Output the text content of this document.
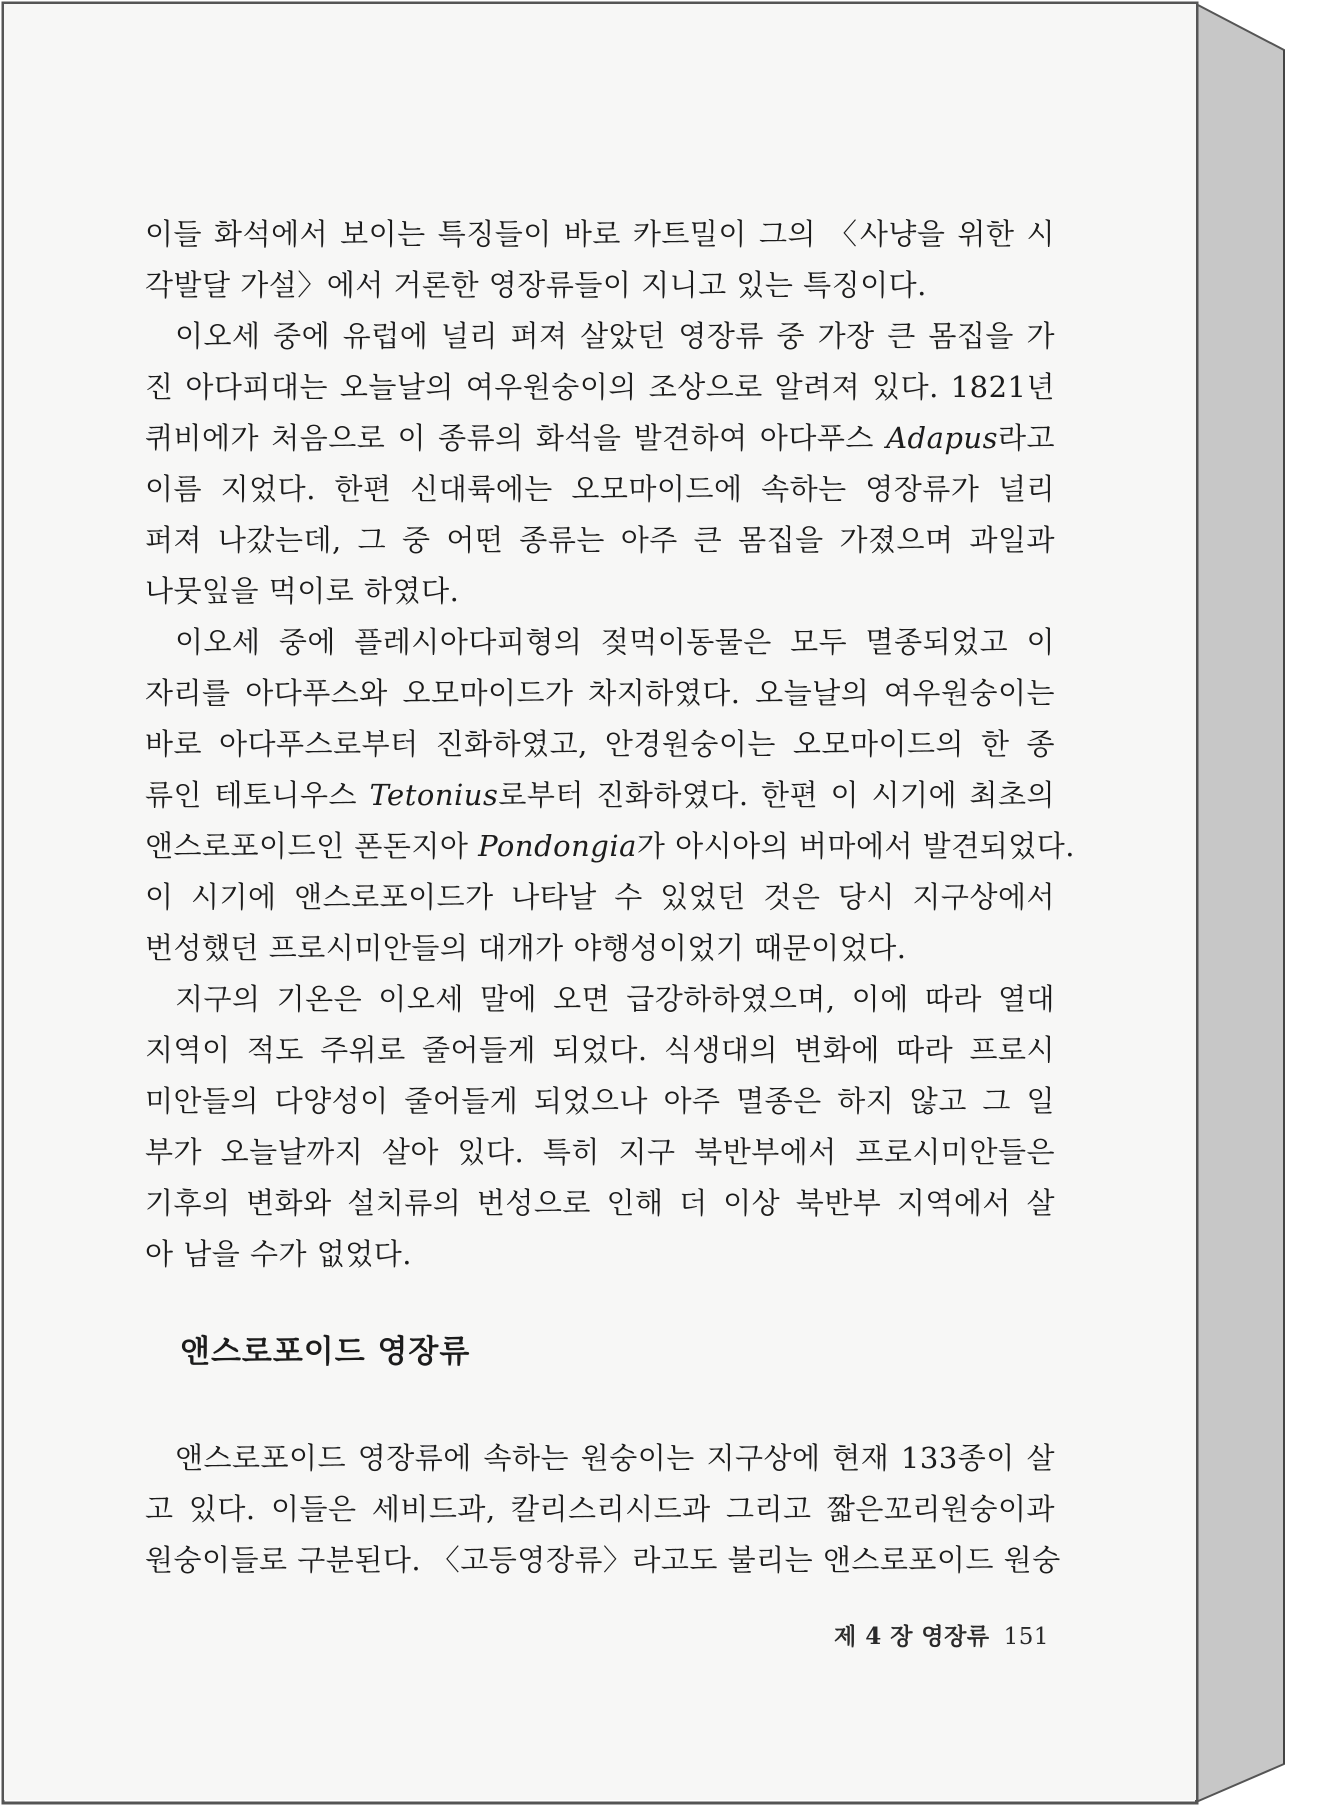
이들 화석에서 보이는 특징들이 바로 카트밀이 그의 〈사냥을 위한 시
각발달 가설〉에서 거론한 영장류들이 지니고 있는 특징이다.
이오세 중에 유럽에 널리 퍼져 살았던 영장류 중 가장 큰 몸집을 가
진 아다피대는 오늘날의 여우원숭이의 조상으로 알려져 있다. 1821년
퀴비에가 처음으로 이 종류의 화석을 발견하여 아다푸스 Adapus라고
이름 지었다. 한편 신대륙에는 오모마이드에 속하는 영장류가 널리
퍼져 나갔는데, 그 중 어떤 종류는 아주 큰 몸집을 가졌으며 과일과
나뭇잎을 먹이로 하였다.
이오세 중에 플레시아다피형의 젖먹이동물은 모두 멸종되었고 이
자리를 아다푸스와 오모마이드가 차지하였다. 오늘날의 여우원숭이는
바로 아다푸스로부터 진화하였고, 안경원숭이는 오모마이드의 한 종
류인 테토니우스 Tetonius로부터 진화하였다. 한편 이 시기에 최초의
앤스로포이드인 폰돈지아 Pondongia가 아시아의 버마에서 발견되었다.
이 시기에 앤스로포이드가 나타날 수 있었던 것은 당시 지구상에서
번성했던 프로시미안들의 대개가 야행성이었기 때문이었다.
지구의 기온은 이오세 말에 오면 급강하하였으며, 이에 따라 열대
지역이 적도 주위로 줄어들게 되었다. 식생대의 변화에 따라 프로시
미안들의 다양성이 줄어들게 되었으나 아주 멸종은 하지 않고 그 일
부가 오늘날까지 살아 있다. 특히 지구 북반부에서 프로시미안들은
기후의 변화와 설치류의 번성으로 인해 더 이상 북반부 지역에서 살
아 남을 수가 없었다.
앤스로포이드 영장류
앤스로포이드 영장류에 속하는 원숭이는 지구상에 현재 133종이 살
고 있다. 이들은 세비드과, 칼리스리시드과 그리고 짧은꼬리원숭이과
원숭이들로 구분된다. 〈고등영장류〉라고도 불리는 앤스로포이드 원숭
제 4 장 영장류 151
